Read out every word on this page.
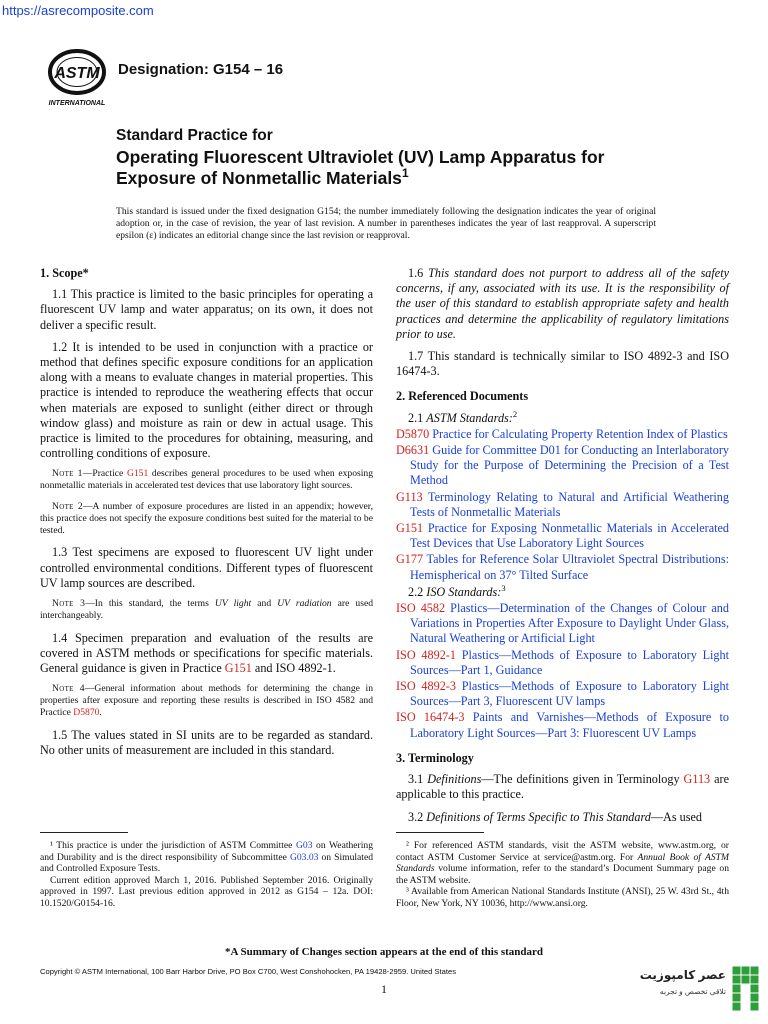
https://asrecomposite.com
ASTM
INTERNATIONAL
Designation: G154 – 16
Standard Practice for
Operating Fluorescent Ultraviolet (UV) Lamp Apparatus for
Exposure of Nonmetallic Materials$^1$
This standard is issued under the fixed designation G154; the number immediately following the designation indicates the year of original adoption or, in the case of revision, the year of last revision. A number in parentheses indicates the year of last reapproval. A superscript epsilon (ε) indicates an editorial change since the last revision or reapproval.
1. Scope*

1.1 This practice is limited to the basic principles for operating a fluorescent UV lamp and water apparatus; on its own, it does not deliver a specific result.

1.2 It is intended to be used in conjunction with a practice or method that defines specific exposure conditions for an application along with a means to evaluate changes in material properties. This practice is intended to reproduce the weathering effects that occur when materials are exposed to sunlight (either direct or through window glass) and moisture as rain or dew in actual usage. This practice is limited to the procedures for obtaining, measuring, and controlling conditions of exposure.

Note 1—Practice G151 describes general procedures to be used when exposing nonmetallic materials in accelerated test devices that use laboratory light sources.

Note 2—A number of exposure procedures are listed in an appendix; however, this practice does not specify the exposure conditions best suited for the material to be tested.

1.3 Test specimens are exposed to fluorescent UV light under controlled environmental conditions. Different types of fluorescent UV lamp sources are described.

Note 3—In this standard, the terms UV light and UV radiation are used interchangeably.

1.4 Specimen preparation and evaluation of the results are covered in ASTM methods or specifications for specific materials. General guidance is given in Practice G151 and ISO 4892-1.

Note 4—General information about methods for determining the change in properties after exposure and reporting these results is described in ISO 4582 and Practice D5870.

1.5 The values stated in SI units are to be regarded as standard. No other units of measurement are included in this standard.

1.6 This standard does not purport to address all of the safety concerns, if any, associated with its use. It is the responsibility of the user of this standard to establish appropriate safety and health practices and determine the applicability of regulatory limitations prior to use.

1.7 This standard is technically similar to ISO 4892-3 and ISO 16474-3.

2. Referenced Documents

2.1 ASTM Standards:$^2$

D5870 Practice for Calculating Property Retention Index of Plastics

D6631 Guide for Committee D01 for Conducting an Interlaboratory Study for the Purpose of Determining the Precision of a Test Method

G113 Terminology Relating to Natural and Artificial Weathering Tests of Nonmetallic Materials

G151 Practice for Exposing Nonmetallic Materials in Accelerated Test Devices that Use Laboratory Light Sources

G177 Tables for Reference Solar Ultraviolet Spectral Distributions: Hemispherical on 37° Tilted Surface

2.2 ISO Standards:$^3$

ISO 4582 Plastics—Determination of the Changes of Colour and Variations in Properties After Exposure to Daylight Under Glass, Natural Weathering or Artificial Light

ISO 4892-1 Plastics—Methods of Exposure to Laboratory Light Sources—Part 1, Guidance

ISO 4892-3 Plastics—Methods of Exposure to Laboratory Light Sources—Part 3, Fluorescent UV lamps

ISO 16474-3 Paints and Varnishes—Methods of Exposure to Laboratory Light Sources—Part 3: Fluorescent UV Lamps

3. Terminology

3.1 Definitions—The definitions given in Terminology G113 are applicable to this practice.

3.2 Definitions of Terms Specific to This Standard—As used

¹ This practice is under the jurisdiction of ASTM Committee G03 on Weathering and Durability and is the direct responsibility of Subcommittee G03.03 on Simulated and Controlled Exposure Tests.

Current edition approved March 1, 2016. Published September 2016. Originally approved in 1997. Last previous edition approved in 2012 as G154 – 12a. DOI: 10.1520/G0154-16.

² For referenced ASTM standards, visit the ASTM website, www.astm.org, or contact ASTM Customer Service at service@astm.org. For Annual Book of ASTM Standards volume information, refer to the standard’s Document Summary page on the ASTM website.

³ Available from American National Standards Institute (ANSI), 25 W. 43rd St., 4th Floor, New York, NY 10036, http://www.ansi.org.

*A Summary of Changes section appears at the end of this standard
Copyright © ASTM International, 100 Barr Harbor Drive, PO Box C700, West Conshohocken, PA 19428-2959. United States
1
عصر کامپوزیت
تلاقی تخصص و تجربه
